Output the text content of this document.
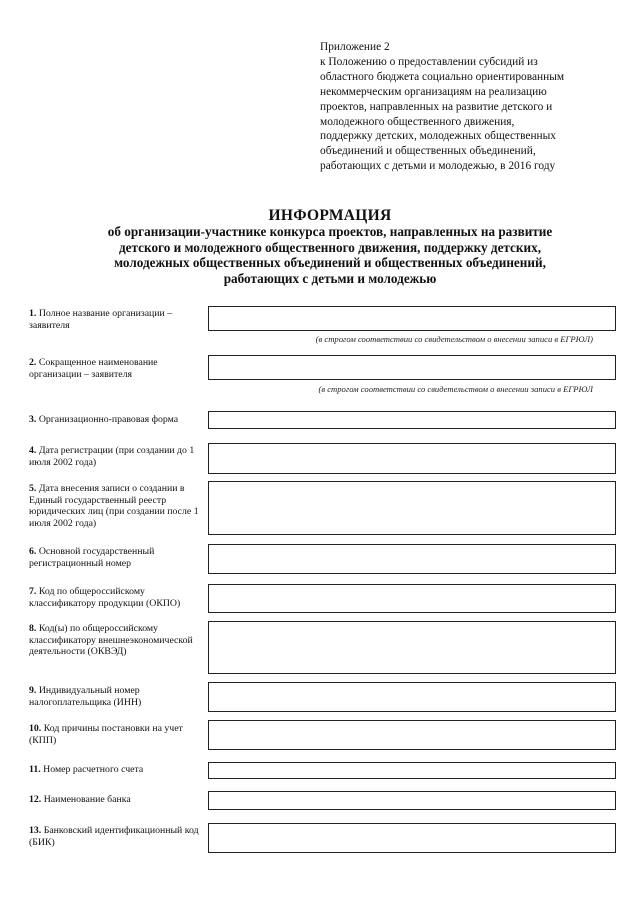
Приложение 2
к Положению о предоставлении субсидий из
областного бюджета социально ориентированным
некоммерческим организациям на реализацию
проектов, направленных на развитие детского и
молодежного общественного движения,
поддержку детских, молодежных общественных
объединений и общественных объединений,
работающих с детьми и молодежью, в 2016 году
ИНФОРМАЦИЯ
об организации-участнике конкурса проектов, направленных на развитие
детского и молодежного общественного движения, поддержку детских,
молодежных общественных объединений и общественных объединений,
работающих с детьми и молодежью
1. Полное название организации – заявителя
(в строгом соответствии со свидетельством о внесении записи в ЕГРЮЛ)
2. Сокращенное наименование организации – заявителя
(в строгом соответствии со свидетельством о внесении записи в ЕГРЮЛ
3. Организационно-правовая форма
4. Дата регистрации (при создании до 1 июля 2002 года)
5. Дата внесения записи о создании в Единый государственный реестр юридических лиц (при создании после 1 июля 2002 года)
6. Основной государственный регистрационный номер
7. Код по общероссийскому классификатору продукции (ОКПО)
8. Код(ы) по общероссийскому классификатору внешнеэкономической деятельности (ОКВЭД)
9. Индивидуальный номер налогоплательщика (ИНН)
10. Код причины постановки на учет (КПП)
11. Номер расчетного счета
12. Наименование банка
13. Банковский идентификационный код (БИК)
